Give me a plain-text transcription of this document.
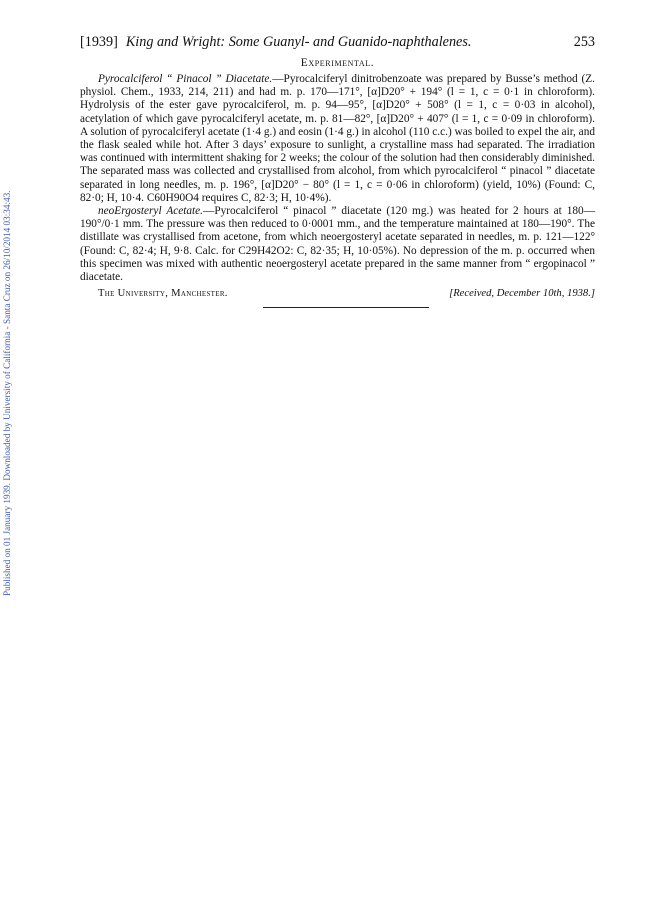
Published on 01 January 1939. Downloaded by University of California - Santa Cruz on 26/10/2014 03:34:43.
[1939] King and Wright: Some Guanyl- and Guanido-naphthalenes.	253
Experimental.

Pyrocalciferol “ Pinacol ” Diacetate.—Pyrocalciferyl dinitrobenzoate was prepared by Busse’s method (Z. physiol. Chem., 1933, 214, 211) and had m. p. 170—171°, [α]D20° + 194° (l = 1, c = 0·1 in chloroform). Hydrolysis of the ester gave pyrocalciferol, m. p. 94—95°, [α]D20° + 508° (l = 1, c = 0·03 in alcohol), acetylation of which gave pyrocalciferyl acetate, m. p. 81—82°, [α]D20° + 407° (l = 1, c = 0·09 in chloroform). A solution of pyrocalciferyl acetate (1·4 g.) and eosin (1·4 g.) in alcohol (110 c.c.) was boiled to expel the air, and the flask sealed while hot. After 3 days’ exposure to sunlight, a crystalline mass had separated. The irradiation was continued with intermittent shaking for 2 weeks; the colour of the solution had then considerably diminished. The separated mass was collected and crystallised from alcohol, from which pyrocalciferol “ pinacol ” diacetate separated in long needles, m. p. 196°, [α]D20° − 80° (l = 1, c = 0·06 in chloroform) (yield, 10%) (Found: C, 82·0; H, 10·4. C60H90O4 requires C, 82·3; H, 10·4%).

neoErgosteryl Acetate.—Pyrocalciferol “ pinacol ” diacetate (120 mg.) was heated for 2 hours at 180—190°/0·1 mm. The pressure was then reduced to 0·0001 mm., and the temperature maintained at 180—190°. The distillate was crystallised from acetone, from which neoergosteryl acetate separated in needles, m. p. 121—122° (Found: C, 82·4; H, 9·8. Calc. for C29H42O2: C, 82·35; H, 10·05%). No depression of the m. p. occurred when this specimen was mixed with authentic neoergosteryl acetate prepared in the same manner from “ ergopinacol ” diacetate.

The University, Manchester.	[Received, December 10th, 1938.]
